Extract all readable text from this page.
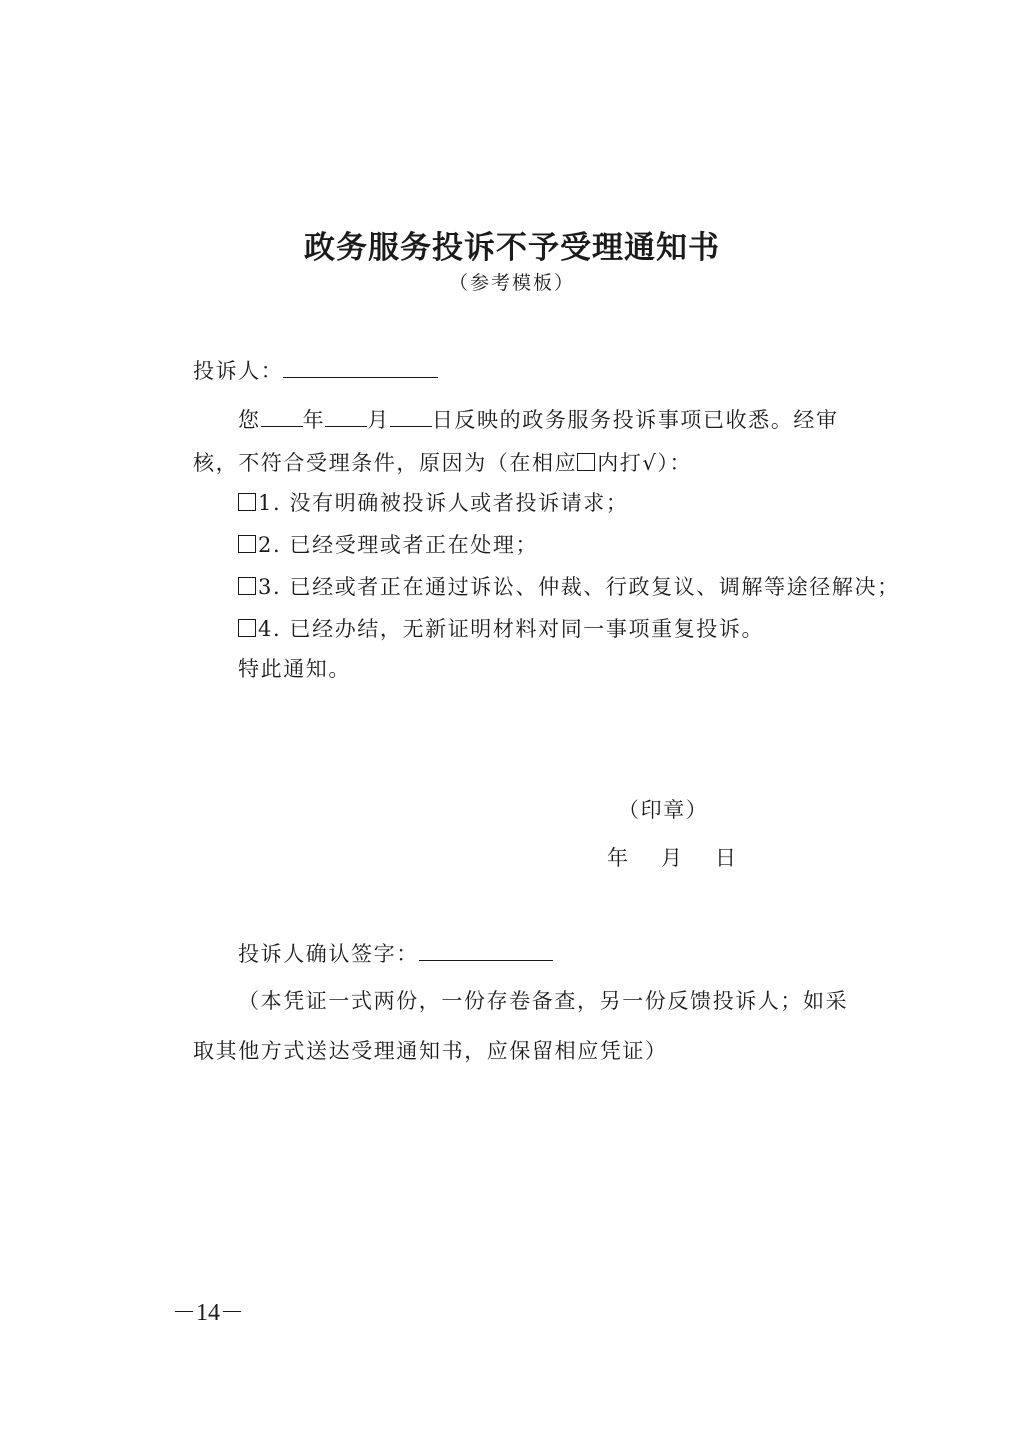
政务服务投诉不予受理通知书
（参考模板）
投诉人：
您 年 月 日反映的政务服务投诉事项已收悉。经审
核，不符合受理条件，原因为（在相应 内打√）：
1. 没有明确被投诉人或者投诉请求；
2. 已经受理或者正在处理；
3. 已经或者正在通过诉讼、仲裁、行政复议、调解等途径解决；
4. 已经办结，无新证明材料对同一事项重复投诉。
特此通知。
（印章）
年　月　日
投诉人确认签字：
（本凭证一式两份，一份存卷备查，另一份反馈投诉人；如采
取其他方式送达受理通知书，应保留相应凭证）
－14－
